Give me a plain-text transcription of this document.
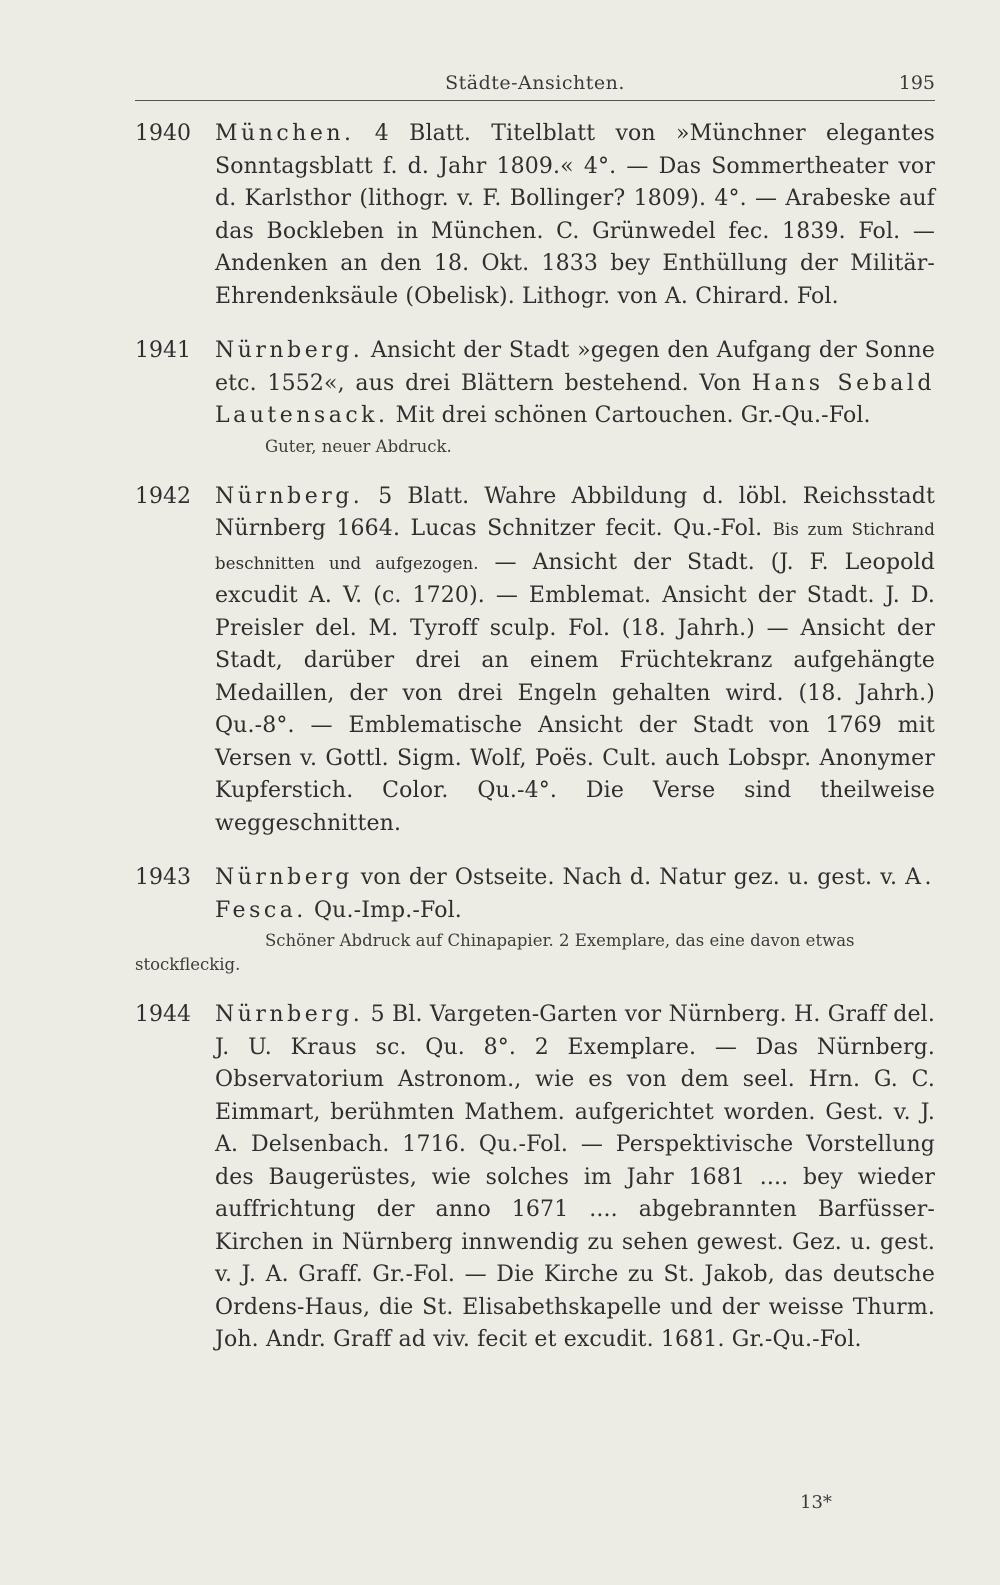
Städte-Ansichten.	195
1940 München. 4 Blatt. Titelblatt von »Münchner elegantes Sonntagsblatt f. d. Jahr 1809.« 4°. — Das Sommertheater vor d. Karlsthor (lithogr. v. F. Bollinger? 1809). 4°. — Arabeske auf das Bockleben in München. C. Grünwedel fec. 1839. Fol. — Andenken an den 18. Okt. 1833 bey Enthüllung der Militär-Ehrendenksäule (Obelisk). Lithogr. von A. Chirard. Fol.
1941 Nürnberg. Ansicht der Stadt »gegen den Aufgang der Sonne etc. 1552«, aus drei Blättern bestehend. Von Hans Sebald Lautensack. Mit drei schönen Cartouchen. Gr.-Qu.-Fol.
Guter, neuer Abdruck.
1942 Nürnberg. 5 Blatt. Wahre Abbildung d. löbl. Reichsstadt Nürnberg 1664. Lucas Schnitzer fecit. Qu.-Fol. Bis zum Stichrand beschnitten und aufgezogen. — Ansicht der Stadt. (J. F. Leopold excudit A. V. (c. 1720). — Emblemat. Ansicht der Stadt. J. D. Preisler del. M. Tyroff sculp. Fol. (18. Jahrh.) — Ansicht der Stadt, darüber drei an einem Früchtekranz aufgehängte Medaillen, der von drei Engeln gehalten wird. (18. Jahrh.) Qu.-8°. — Emblematische Ansicht der Stadt von 1769 mit Versen v. Gottl. Sigm. Wolf, Poës. Cult. auch Lobspr. Anonymer Kupferstich. Color. Qu.-4°. Die Verse sind theilweise weggeschnitten.
1943 Nürnberg von der Ostseite. Nach d. Natur gez. u. gest. v. A. Fesca. Qu.-Imp.-Fol.
Schöner Abdruck auf Chinapapier. 2 Exemplare, das eine davon etwas stockfleckig.
1944 Nürnberg. 5 Bl. Vargeten-Garten vor Nürnberg. H. Graff del. J. U. Kraus sc. Qu. 8°. 2 Exemplare. — Das Nürnberg. Observatorium Astronom., wie es von dem seel. Hrn. G. C. Eimmart, berühmten Mathem. aufgerichtet worden. Gest. v. J. A. Delsenbach. 1716. Qu.-Fol. — Perspektivische Vorstellung des Baugerüstes, wie solches im Jahr 1681 .... bey wieder auffrichtung der anno 1671 .... abgebrannten Barfüsser-Kirchen in Nürnberg innwendig zu sehen gewest. Gez. u. gest. v. J. A. Graff. Gr.-Fol. — Die Kirche zu St. Jakob, das deutsche Ordens-Haus, die St. Elisabethskapelle und der weisse Thurm. Joh. Andr. Graff ad viv. fecit et excudit. 1681. Gr.-Qu.-Fol.
13*
